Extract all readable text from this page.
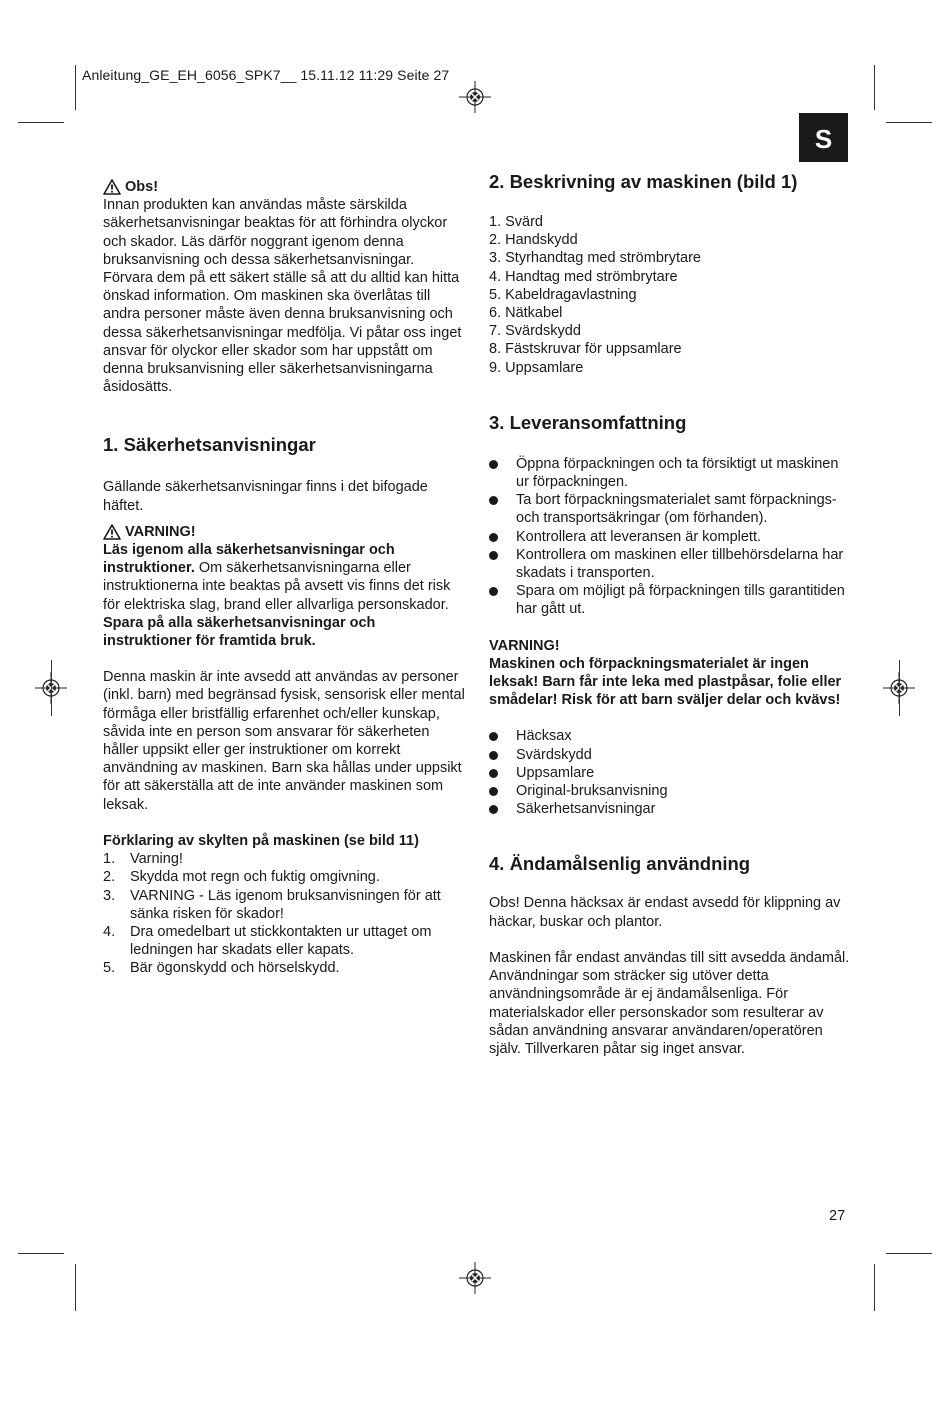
Anleitung_GE_EH_6056_SPK7__ 15.11.12 11:29 Seite 27
S
Obs!

Innan produkten kan användas måste särskilda säkerhetsanvisningar beaktas för att förhindra olyckor och skador. Läs därför noggrant igenom denna bruksanvisning och dessa säkerhetsanvisningar. Förvara dem på ett säkert ställe så att du alltid kan hitta önskad information. Om maskinen ska överlåtas till andra personer måste även denna bruksanvisning och dessa säkerhetsanvisningar medfölja. Vi påtar oss inget ansvar för olyckor eller skador som har uppstått om denna bruksanvisning eller säkerhetsanvisningarna åsidosätts.

1. Säkerhetsanvisningar

Gällande säkerhetsanvisningar finns i det bifogade häftet.

VARNING!

Läs igenom alla säkerhetsanvisningar och instruktioner. Om säkerhetsanvisningarna eller instruktionerna inte beaktas på avsett vis finns det risk för elektriska slag, brand eller allvarliga personskador.

Spara på alla säkerhetsanvisningar och instruktioner för framtida bruk.

Denna maskin är inte avsedd att användas av personer (inkl. barn) med begränsad fysisk, sensorisk eller mental förmåga eller bristfällig erfarenhet och/eller kunskap, såvida inte en person som ansvarar för säkerheten håller uppsikt eller ger instruktioner om korrekt användning av maskinen. Barn ska hållas under uppsikt för att säkerställa att de inte använder maskinen som leksak.

Förklaring av skylten på maskinen (se bild 11)

1. Varning!
2. Skydda mot regn och fuktig omgivning.
3. VARNING - Läs igenom bruksanvisningen för att sänka risken för skador!
4. Dra omedelbart ut stickkontakten ur uttaget om ledningen har skadats eller kapats.
5. Bär ögonskydd och hörselskydd.
2. Beskrivning av maskinen (bild 1)
1. Svärd
2. Handskydd
3. Styrhandtag med strömbrytare
4. Handtag med strömbrytare
5. Kabeldragavlastning
6. Nätkabel
7. Svärdskydd
8. Fästskruvar för uppsamlare
9. Uppsamlare
3. Leveransomfattning
Öppna förpackningen och ta försiktigt ut maskinen ur förpackningen.
Ta bort förpackningsmaterialet samt förpacknings- och transportsäkringar (om förhanden).
Kontrollera att leveransen är komplett.
Kontrollera om maskinen eller tillbehörsdelarna har skadats i transporten.
Spara om möjligt på förpackningen tills garantitiden har gått ut.

VARNING!

Maskinen och förpackningsmaterialet är ingen leksak! Barn får inte leka med plastpåsar, folie eller smådelar! Risk för att barn sväljer delar och kvävs!

Häcksax
Svärdskydd
Uppsamlare
Original-bruksanvisning
Säkerhetsanvisningar
4. Ändamålsenlig användning

Obs! Denna häcksax är endast avsedd för klippning av häckar, buskar och plantor.

Maskinen får endast användas till sitt avsedda ändamål. Användningar som sträcker sig utöver detta användningsområde är ej ändamålsenliga. För materialskador eller personskador som resulterar av sådan användning ansvarar användaren/operatören själv. Tillverkaren påtar sig inget ansvar.

27
